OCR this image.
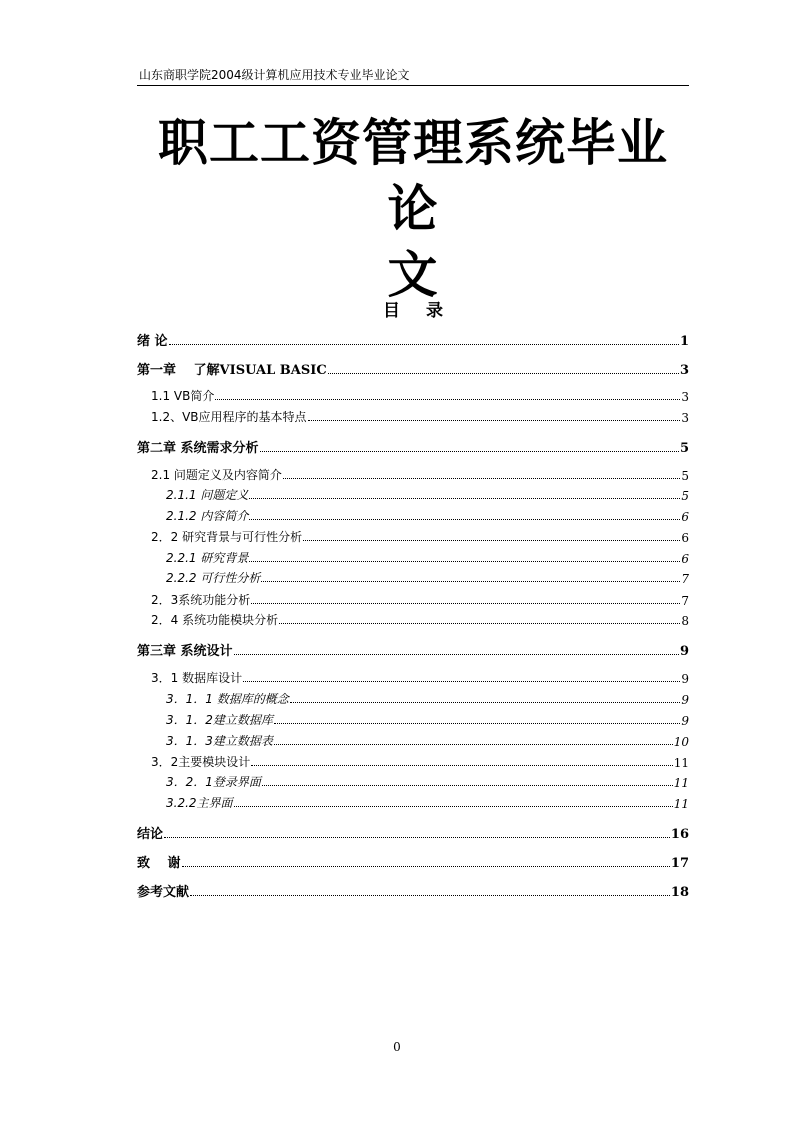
山东商职学院2004级计算机应用技术专业毕业论文
职工工资管理系统毕业论
文
目录
绪 论	1
第一章　 了解VISUAL BASIC	3
1.1 VB简介	3
1.2、VB应用程序的基本特点	3
第二章 系统需求分析	5
2.1 问题定义及内容简介	5
2.1.1 问题定义	5
2.1.2 内容简介	6
2．2 研究背景与可行性分析	6
2.2.1 研究背景	6
2.2.2 可行性分析	7
2．3系统功能分析	7
2．4 系统功能模块分析	8
第三章 系统设计	9
3．1 数据库设计	9
3．1．1 数据库的概念	9
3．1．2建立数据库	9
3．1．3建立数据表	10
3．2主要模块设计	11
3．2．1登录界面	11
3.2.2主界面	11
结论	16
致　 谢	17
参考文献	18
0
